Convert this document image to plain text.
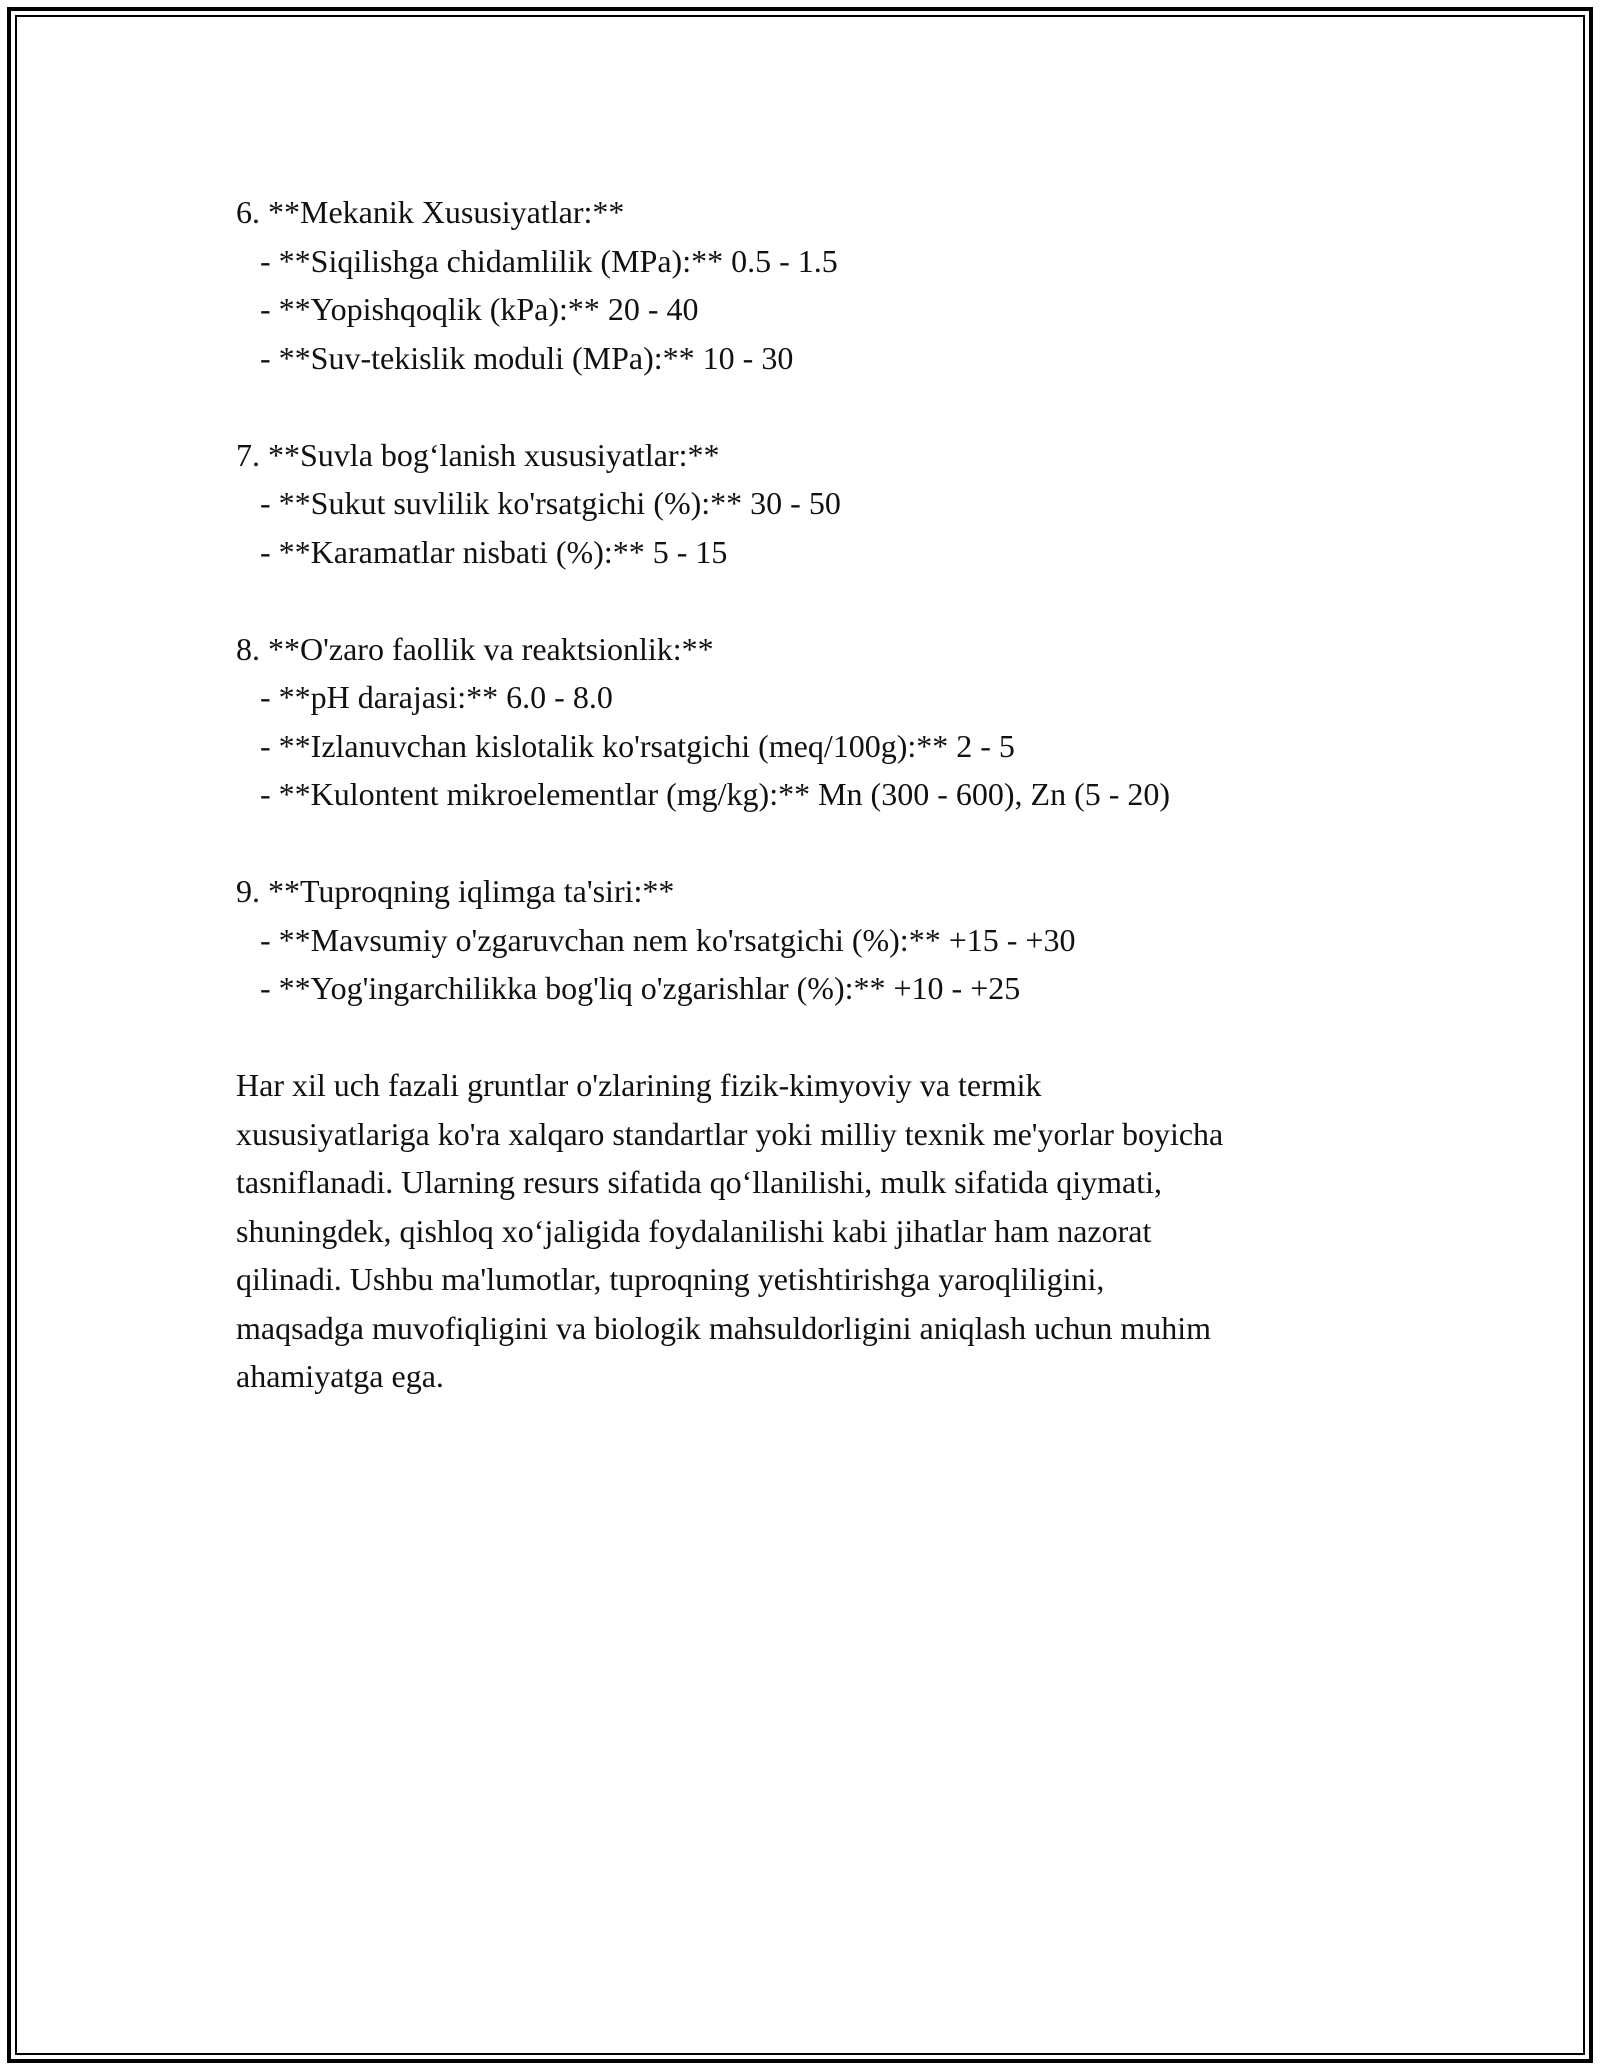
6. **Mekanik Xususiyatlar:**
- **Siqilishga chidamlilik (MPa):** 0.5 - 1.5
- **Yopishqoqlik (kPa):** 20 - 40
- **Suv-tekislik moduli (MPa):** 10 - 30
7. **Suvla bog‘lanish xususiyatlar:**
- **Sukut suvlilik ko'rsatgichi (%):** 30 - 50
- **Karamatlar nisbati (%):** 5 - 15
8. **O'zaro faollik va reaktsionlik:**
- **pH darajasi:** 6.0 - 8.0
- **Izlanuvchan kislotalik ko'rsatgichi (meq/100g):** 2 - 5
- **Kulontent mikroelementlar (mg/kg):** Mn (300 - 600), Zn (5 - 20)
9. **Tuproqning iqlimga ta'siri:**
- **Mavsumiy o'zgaruvchan nem ko'rsatgichi (%):** +15 - +30
- **Yog'ingarchilikka bog'liq o'zgarishlar (%):** +10 - +25
Har xil uch fazali gruntlar o'zlarining fizik-kimyoviy va termik
xususiyatlariga ko'ra xalqaro standartlar yoki milliy texnik me'yorlar boyicha
tasniflanadi. Ularning resurs sifatida qo‘llanilishi, mulk sifatida qiymati,
shuningdek, qishloq xo‘jaligida foydalanilishi kabi jihatlar ham nazorat
qilinadi. Ushbu ma'lumotlar, tuproqning yetishtirishga yaroqliligini,
maqsadga muvofiqligini va biologik mahsuldorligini aniqlash uchun muhim
ahamiyatga ega.
